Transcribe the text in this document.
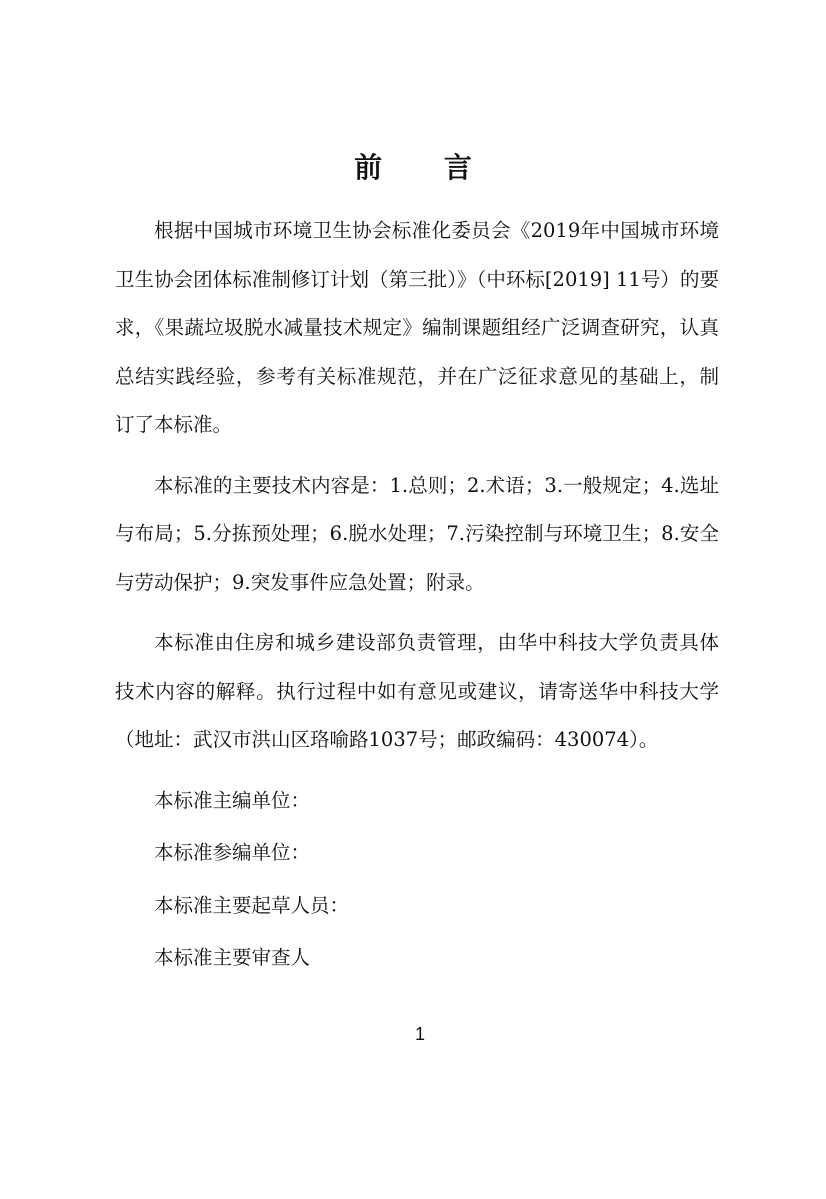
前 言

根据中国城市环境卫生协会标准化委员会《2019年中国城市环境卫生协会团体标准制修订计划（第三批）》（中环标[2019] 11号）的要求，《果蔬垃圾脱水减量技术规定》编制课题组经广泛调查研究，认真总结实践经验，参考有关标准规范，并在广泛征求意见的基础上，制订了本标准。

本标准的主要技术内容是：1.总则；2.术语；3.一般规定；4.选址与布局；5.分拣预处理；6.脱水处理；7.污染控制与环境卫生；8.安全与劳动保护；9.突发事件应急处置；附录。

本标准由住房和城乡建设部负责管理，由华中科技大学负责具体技术内容的解释。执行过程中如有意见或建议，请寄送华中科技大学（地址：武汉市洪山区珞喻路1037号；邮政编码：430074）。

本标准主编单位：

本标准参编单位：

本标准主要起草人员：

本标准主要审查人

1
